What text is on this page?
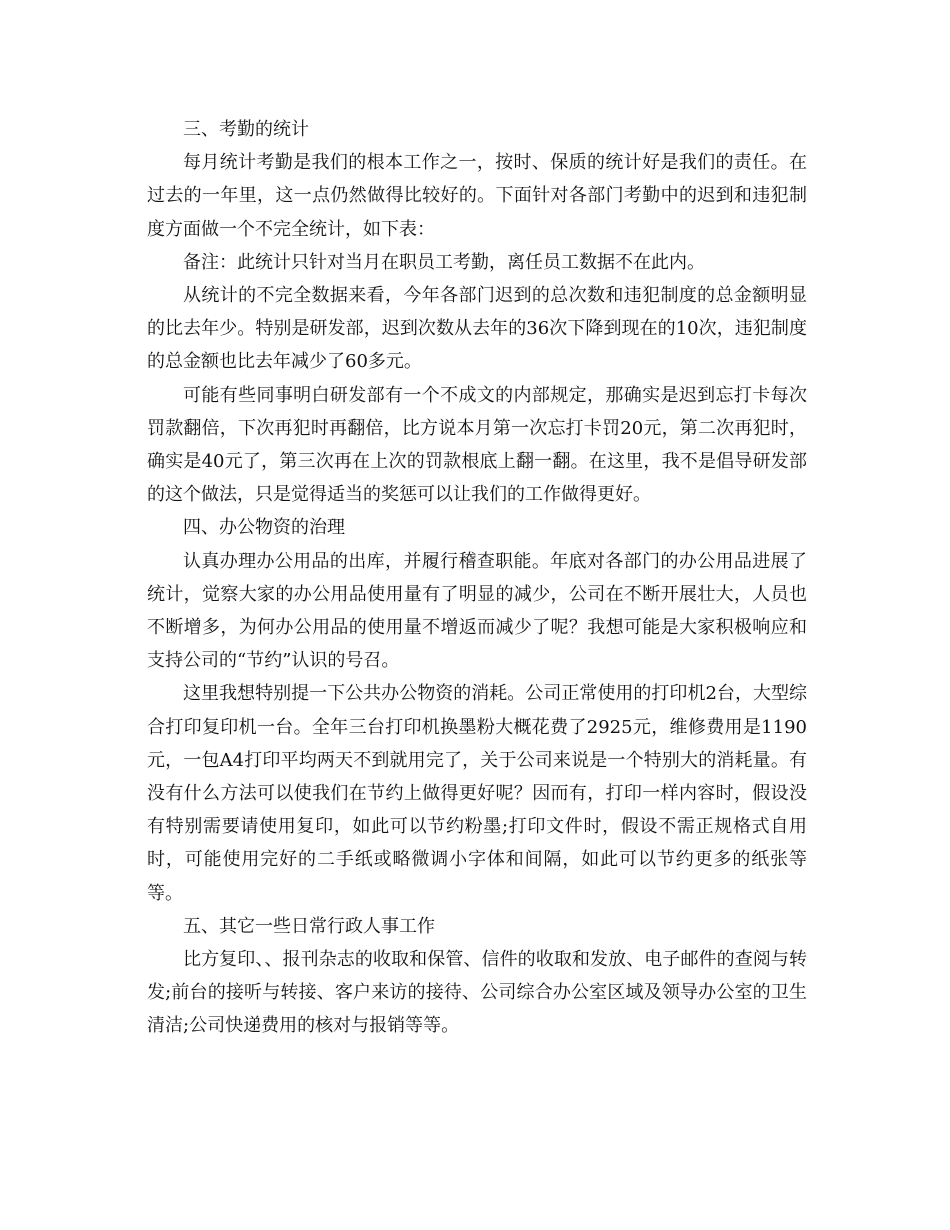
三、考勤的统计

每月统计考勤是我们的根本工作之一，按时、保质的统计好是我们的责任。在过去的一年里，这一点仍然做得比较好的。下面针对各部门考勤中的迟到和违犯制度方面做一个不完全统计，如下表：

备注：此统计只针对当月在职员工考勤，离任员工数据不在此内。

从统计的不完全数据来看，今年各部门迟到的总次数和违犯制度的总金额明显的比去年少。特别是研发部，迟到次数从去年的36次下降到现在的10次，违犯制度的总金额也比去年减少了60多元。

可能有些同事明白研发部有一个不成文的内部规定，那确实是迟到忘打卡每次罚款翻倍，下次再犯时再翻倍，比方说本月第一次忘打卡罚20元，第二次再犯时，确实是40元了，第三次再在上次的罚款根底上翻一翻。在这里，我不是倡导研发部的这个做法，只是觉得适当的奖惩可以让我们的工作做得更好。

四、办公物资的治理

认真办理办公用品的出库，并履行稽查职能。年底对各部门的办公用品进展了统计，觉察大家的办公用品使用量有了明显的减少，公司在不断开展壮大，人员也不断增多，为何办公用品的使用量不增返而减少了呢？我想可能是大家积极响应和支持公司的“节约”认识的号召。

这里我想特别提一下公共办公物资的消耗。公司正常使用的打印机2台，大型综合打印复印机一台。全年三台打印机换墨粉大概花费了2925元，维修费用是1190元，一包A4打印平均两天不到就用完了，关于公司来说是一个特别大的消耗量。有没有什么方法可以使我们在节约上做得更好呢？因而有，打印一样内容时，假设没有特别需要请使用复印，如此可以节约粉墨;打印文件时，假设不需正规格式自用时，可能使用完好的二手纸或略微调小字体和间隔，如此可以节约更多的纸张等等。

五、其它一些日常行政人事工作

比方复印、、报刊杂志的收取和保管、信件的收取和发放、电子邮件的查阅与转发;前台的接听与转接、客户来访的接待、公司综合办公室区域及领导办公室的卫生清洁;公司快递费用的核对与报销等等。
